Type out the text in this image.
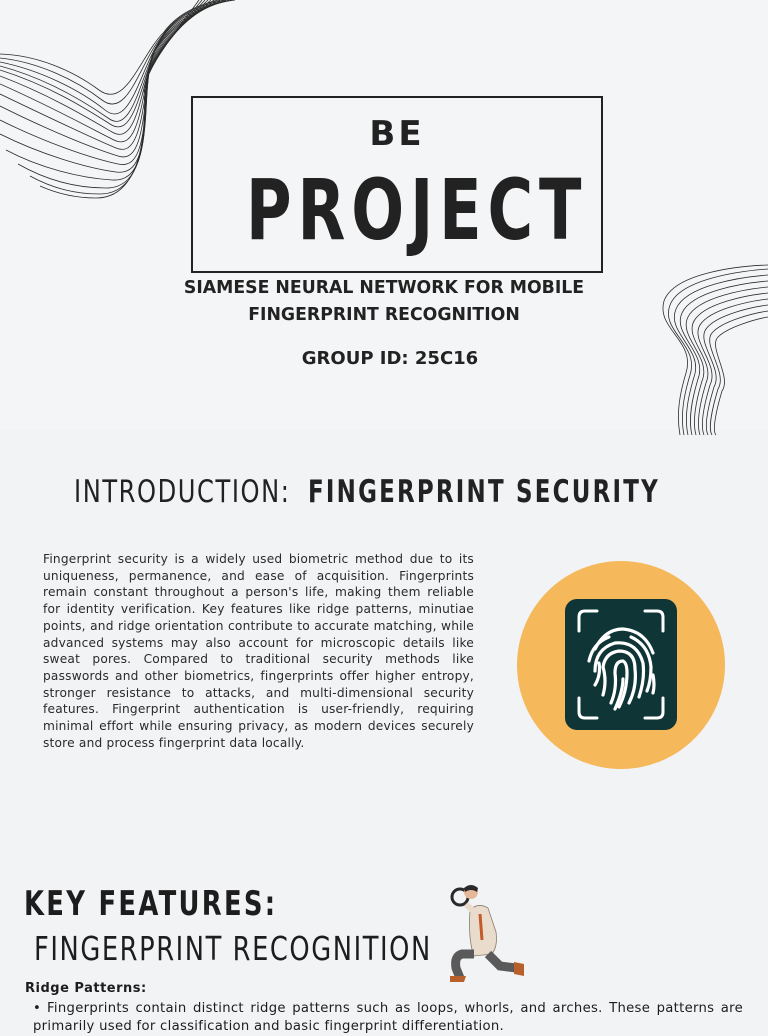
BE
PROJECT
SIAMESE NEURAL NETWORK FOR MOBILE
FINGERPRINT RECOGNITION
GROUP ID: 25C16
INTRODUCTION: FINGERPRINT SECURITY

Fingerprint security is a widely used biometric method due to its uniqueness, permanence, and ease of acquisition. Fingerprints remain constant throughout a person's life, making them reliable for identity verification. Key features like ridge patterns, minutiae points, and ridge orientation contribute to accurate matching, while advanced systems may also account for microscopic details like sweat pores. Compared to traditional security methods like passwords and other biometrics, fingerprints offer higher entropy, stronger resistance to attacks, and multi-dimensional security features. Fingerprint authentication is user-friendly, requiring minimal effort while ensuring privacy, as modern devices securely store and process fingerprint data locally.

KEY FEATURES:
FINGERPRINT RECOGNITION
Ridge Patterns:
• Fingerprints contain distinct ridge patterns such as loops, whorls, and arches. These patterns are primarily used for classification and basic fingerprint differentiation.
